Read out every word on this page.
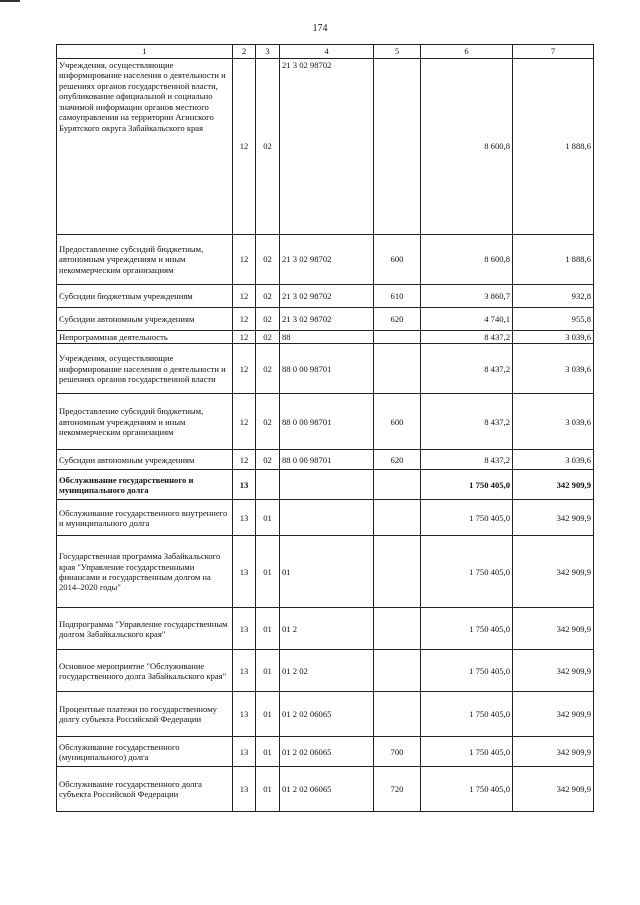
174
1	2	3	4	5	6	7
Учреждения, осуществляющие информирование населения о деятельности и решениях органов государственной власти, опубликование официальной и социально значимой информации органов местного самоуправления на территории Агинского Бурятского округа Забайкальского края	12	02	21 3 02 98702		8 600,8	1 888,6
Предоставление субсидий бюджетным, автономным учреждениям и иным некоммерческим организациям	12	02	21 3 02 98702	600	8 600,8	1 888,6
Субсидии бюджетным учреждениям	12	02	21 3 02 98702	610	3 860,7	932,8
Субсидии автономным учреждениям	12	02	21 3 02 98702	620	4 740,1	955,8
Непрограммная деятельность	12	02	88		8 437,2	3 039,6
Учреждения, осуществляющие информирование населения о деятельности и решениях органов государственной власти	12	02	88 0 00 98701		8 437,2	3 039,6
Предоставление субсидий бюджетным, автономным учреждениям и иным некоммерческим организациям	12	02	88 0 00 98701	600	8 437,2	3 039,6
Субсидии автономным учреждениям	12	02	88 0 00 98701	620	8 437,2	3 039,6
Обслуживание государственного и муниципального долга	13				1 750 405,0	342 909,9
Обслуживание государственного внутреннего и муниципального долга	13	01			1 750 405,0	342 909,9
Государственная программа Забайкальского края "Управление государственными финансами и государственным долгом на 2014–2020 годы"	13	01	01		1 750 405,0	342 909,9
Подпрограмма "Управление государственным долгом Забайкальского края"	13	01	01 2		1 750 405,0	342 909,9
Основное мероприятие "Обслуживание государственного долга Забайкальского края"	13	01	01 2 02		1 750 405,0	342 909,9
Процентные платежи по государственному долгу субъекта Российской Федерации	13	01	01 2 02 06065		1 750 405,0	342 909,9
Обслуживание государственного (муниципального) долга	13	01	01 2 02 06065	700	1 750 405,0	342 909,9
Обслуживание государственного долга субъекта Российской Федерации	13	01	01 2 02 06065	720	1 750 405,0	342 909,9
